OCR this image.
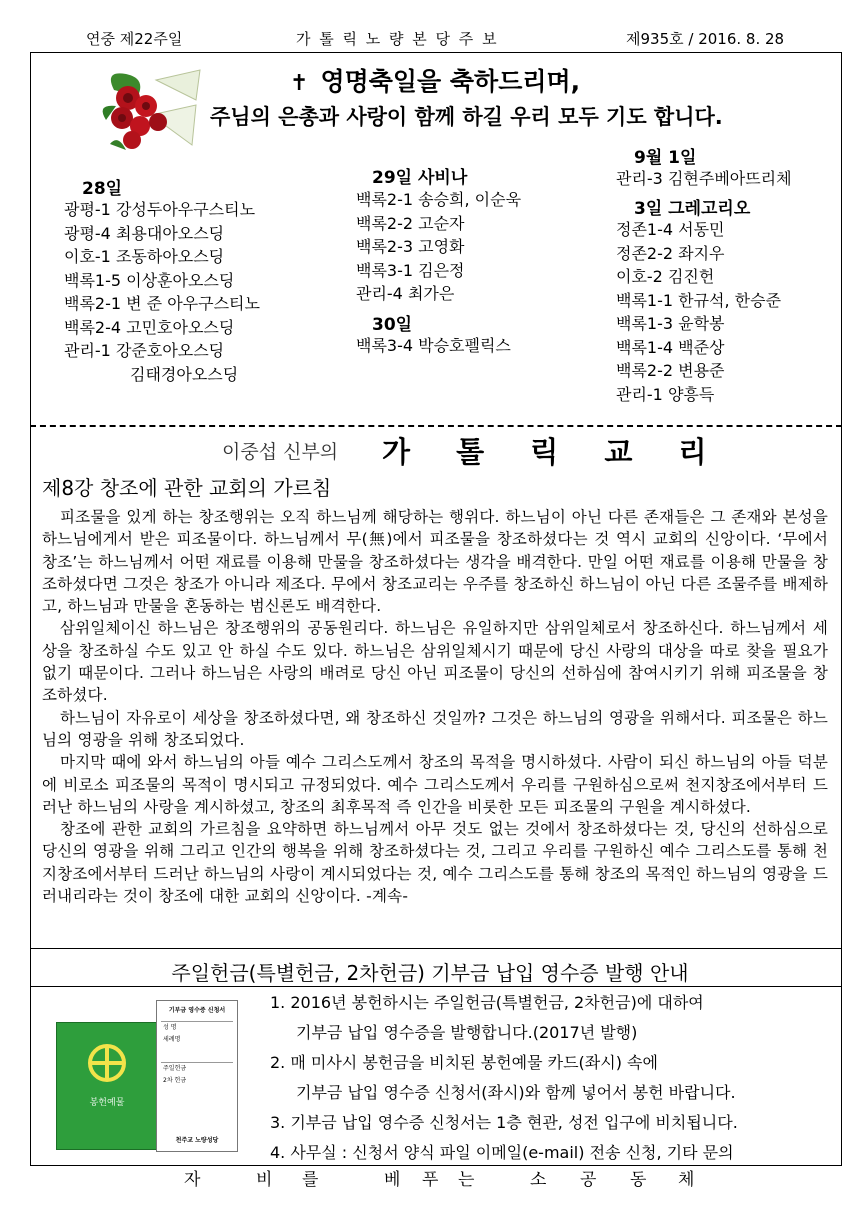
연중 제22주일	가 톨 릭 노 량 본 당 주 보	제935호 / 2016. 8. 28
✝ 영명축일을 축하드리며,
주님의 은총과 사랑이 함께 하길 우리 모두 기도 합니다.
28일
광평-1 강성두아우구스티노
광평-4 최용대아오스딩
이호-1 조동하아오스딩
백록1-5 이상훈아오스딩
백록2-1 변 준 아우구스티노
백록2-4 고민호아오스딩
관리-1 강준호아오스딩
김태경아오스딩
29일 사비나
백록2-1 송승희, 이순욱
백록2-2 고순자
백록2-3 고영화
백록3-1 김은정
관리-4 최가은
30일
백록3-4 박승호펠릭스
9월 1일
관리-3 김현주베아뜨리체
3일 그레고리오
정존1-4 서동민
정존2-2 좌지우
이호-2 김진헌
백록1-1 한규석, 한승준
백록1-3 윤학봉
백록1-4 백준상
백록2-2 변용준
관리-1 양흥득
이중섭 신부의 가 톨 릭 교 리
제8강 창조에 관한 교회의 가르침

피조물을 있게 하는 창조행위는 오직 하느님께 해당하는 행위다. 하느님이 아닌 다른 존재들은 그 존재와 본성을 하느님에게서 받은 피조물이다. 하느님께서 무(無)에서 피조물을 창조하셨다는 것 역시 교회의 신앙이다. ‘무에서 창조’는 하느님께서 어떤 재료를 이용해 만물을 창조하셨다는 생각을 배격한다. 만일 어떤 재료를 이용해 만물을 창조하셨다면 그것은 창조가 아니라 제조다. 무에서 창조교리는 우주를 창조하신 하느님이 아닌 다른 조물주를 배제하고, 하느님과 만물을 혼동하는 범신론도 배격한다.

삼위일체이신 하느님은 창조행위의 공동원리다. 하느님은 유일하지만 삼위일체로서 창조하신다. 하느님께서 세상을 창조하실 수도 있고 안 하실 수도 있다. 하느님은 삼위일체시기 때문에 당신 사랑의 대상을 따로 찾을 필요가 없기 때문이다. 그러나 하느님은 사랑의 배려로 당신 아닌 피조물이 당신의 선하심에 참여시키기 위해 피조물을 창조하셨다.

하느님이 자유로이 세상을 창조하셨다면, 왜 창조하신 것일까? 그것은 하느님의 영광을 위해서다. 피조물은 하느님의 영광을 위해 창조되었다.

마지막 때에 와서 하느님의 아들 예수 그리스도께서 창조의 목적을 명시하셨다. 사람이 되신 하느님의 아들 덕분에 비로소 피조물의 목적이 명시되고 규정되었다. 예수 그리스도께서 우리를 구원하심으로써 천지창조에서부터 드러난 하느님의 사랑을 계시하셨고, 창조의 최후목적 즉 인간을 비롯한 모든 피조물의 구원을 계시하셨다.

창조에 관한 교회의 가르침을 요약하면 하느님께서 아무 것도 없는 것에서 창조하셨다는 것, 당신의 선하심으로 당신의 영광을 위해 그리고 인간의 행복을 위해 창조하셨다는 것, 그리고 우리를 구원하신 예수 그리스도를 통해 천지창조에서부터 드러난 하느님의 사랑이 계시되었다는 것, 예수 그리스도를 통해 창조의 목적인 하느님의 영광을 드러내리라는 것이 창조에 대한 교회의 신앙이다. -계속-

주일헌금(특별헌금, 2차헌금) 기부금 납입 영수증 발행 안내
봉헌예물
기부금 영수증 신청서
성 명
세례명
주일헌금
2차 헌금
천주교 노량성당
1. 2016년 봉헌하시는 주일헌금(특별헌금, 2차헌금)에 대하여
기부금 납입 영수증을 발행합니다.(2017년 발행)
2. 매 미사시 봉헌금을 비치된 봉헌예물 카드(좌시) 속에
기부금 납입 영수증 신청서(좌시)와 함께 넣어서 봉헌 바랍니다.
3. 기부금 납입 영수증 신청서는 1층 현관, 성전 입구에 비치됩니다.
4. 사무실 : 신청서 양식 파일 이메일(e-mail) 전송 신청, 기타 문의
자	비 를	베 푸 는	소 공 동 체
